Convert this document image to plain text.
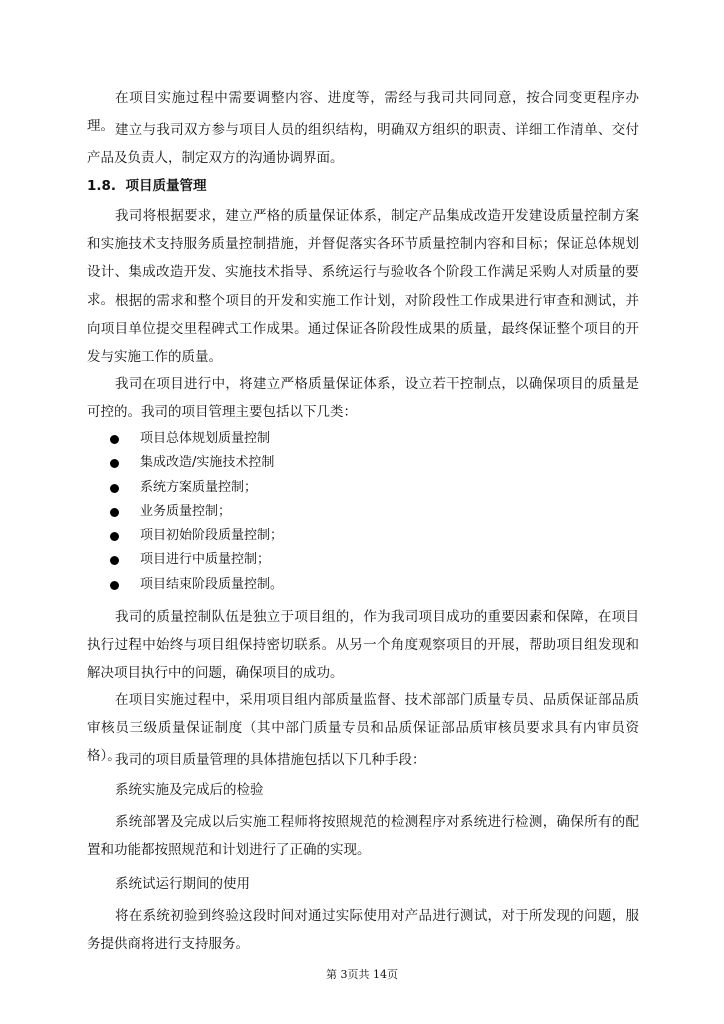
在项目实施过程中需要调整内容、进度等，需经与我司共同同意，按合同变更程序办理。 建立与我司双方参与项目人员的组织结构，明确双方组织的职责、详细工作清单、交付产品及负责人，制定双方的沟通协调界面。

1.8. 项目质量管理

我司将根据要求，建立严格的质量保证体系，制定产品集成改造开发建设质量控制方案和实施技术支持服务质量控制措施，并督促落实各环节质量控制内容和目标；保证总体规划设计、集成改造开发、实施技术指导、系统运行与验收各个阶段工作满足采购人对质量的要求。 根据的需求和整个项目的开发和实施工作计划，对阶段性工作成果进行审查和测试，并向项目单位提交里程碑式工作成果。通过保证各阶段性成果的质量，最终保证整个项目的开发与实施工作的质量。

我司在项目进行中，将建立严格质量保证体系，设立若干控制点，以确保项目的质量是可控的。我司的项目管理主要包括以下几类：

项目总体规划质量控制
集成改造/实施技术控制
系统方案质量控制；
业务质量控制；
项目初始阶段质量控制；
项目进行中质量控制；
项目结束阶段质量控制。

我司的质量控制队伍是独立于项目组的，作为我司项目成功的重要因素和保障，在项目执行过程中始终与项目组保持密切联系。从另一个角度观察项目的开展，帮助项目组发现和解决项目执行中的问题，确保项目的成功。

在项目实施过程中，采用项目组内部质量监督、技术部部门质量专员、品质保证部品质审核员三级质量保证制度（其中部门质量专员和品质保证部品质审核员要求具有内审员资格）。

我司的项目质量管理的具体措施包括以下几种手段：

系统实施及完成后的检验

系统部署及完成以后实施工程师将按照规范的检测程序对系统进行检测，确保所有的配置和功能都按照规范和计划进行了正确的实现。

系统试运行期间的使用

将在系统初验到终验这段时间对通过实际使用对产品进行测试，对于所发现的问题，服务提供商将进行支持服务。

第 3页共 14页
